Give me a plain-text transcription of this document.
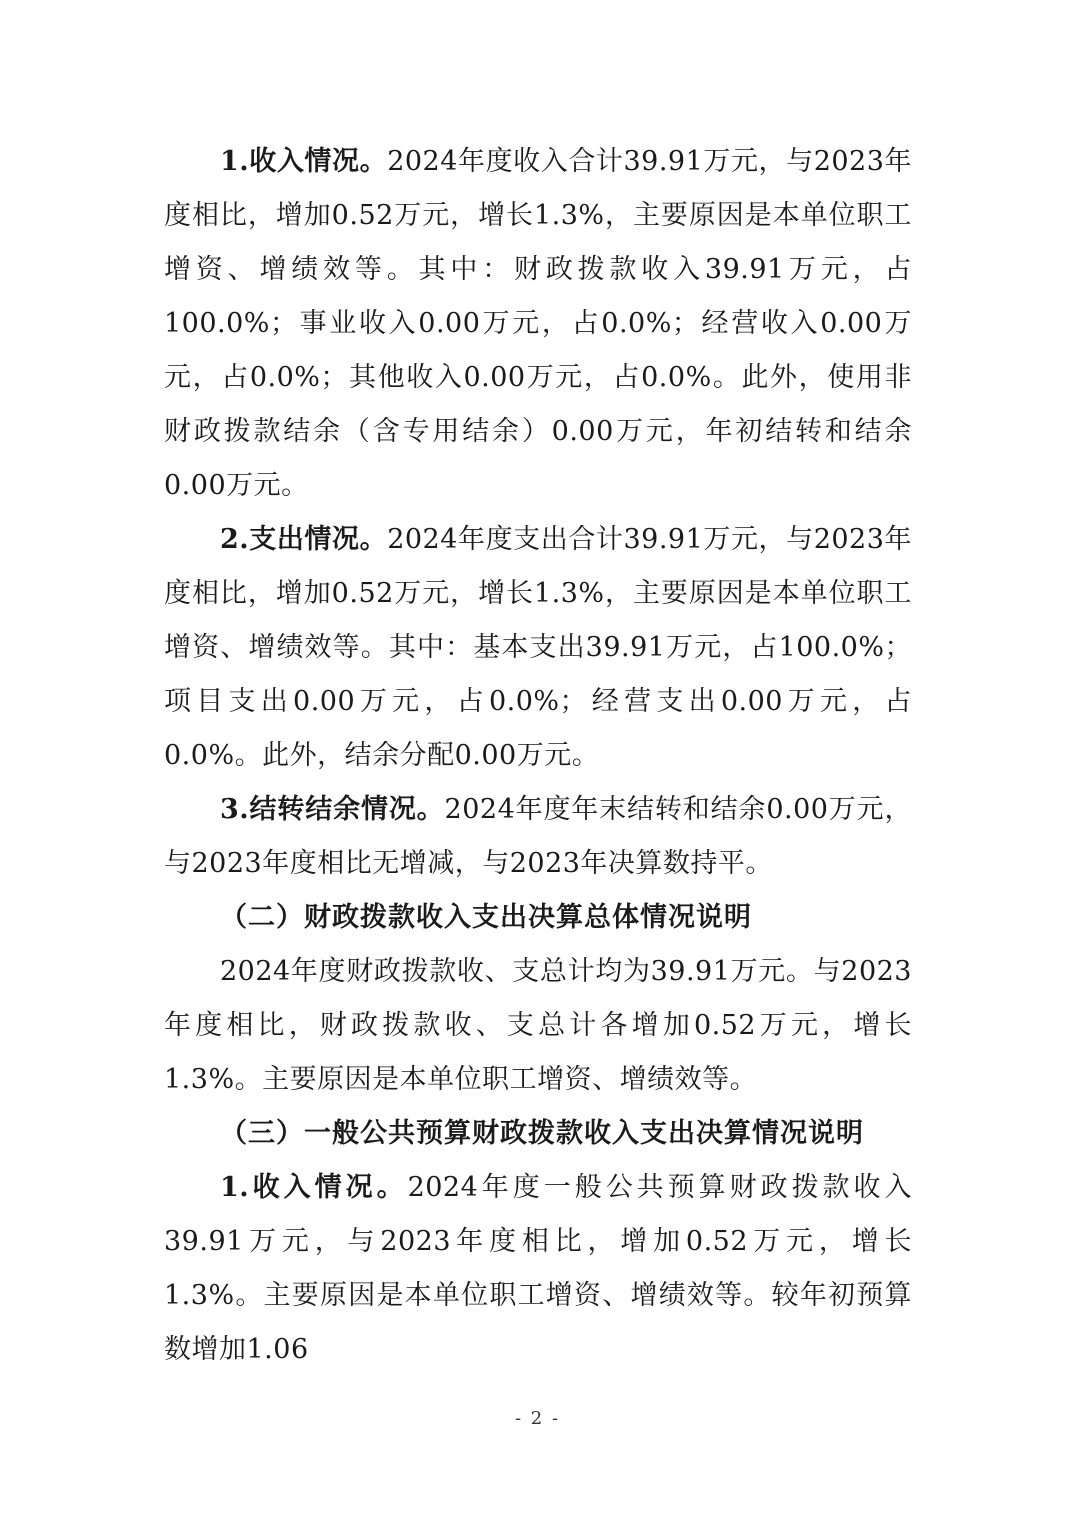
1.收入情况。2024年度收入合计39.91万元，与2023年度相比，增加0.52万元，增长1.3%，主要原因是本单位职工增资、增绩效等。其中：财政拨款收入39.91万元，占100.0%；事业收入0.00万元，占0.0%；经营收入0.00万元，占0.0%；其他收入0.00万元，占0.0%。此外，使用非财政拨款结余（含专用结余）0.00万元，年初结转和结余0.00万元。

2.支出情况。2024年度支出合计39.91万元，与2023年度相比，增加0.52万元，增长1.3%，主要原因是本单位职工增资、增绩效等。其中：基本支出39.91万元，占100.0%；项目支出0.00万元，占0.0%；经营支出0.00万元，占0.0%。此外，结余分配0.00万元。

3.结转结余情况。2024年度年末结转和结余0.00万元，与2023年度相比无增减，与2023年决算数持平。

（二）财政拨款收入支出决算总体情况说明

2024年度财政拨款收、支总计均为39.91万元。与2023年度相比，财政拨款收、支总计各增加0.52万元，增长1.3%。主要原因是本单位职工增资、增绩效等。

（三）一般公共预算财政拨款收入支出决算情况说明

1.收入情况。2024年度一般公共预算财政拨款收入39.91万元，与2023年度相比，增加0.52万元，增长1.3%。主要原因是本单位职工增资、增绩效等。较年初预算数增加1.06

- 2 -
